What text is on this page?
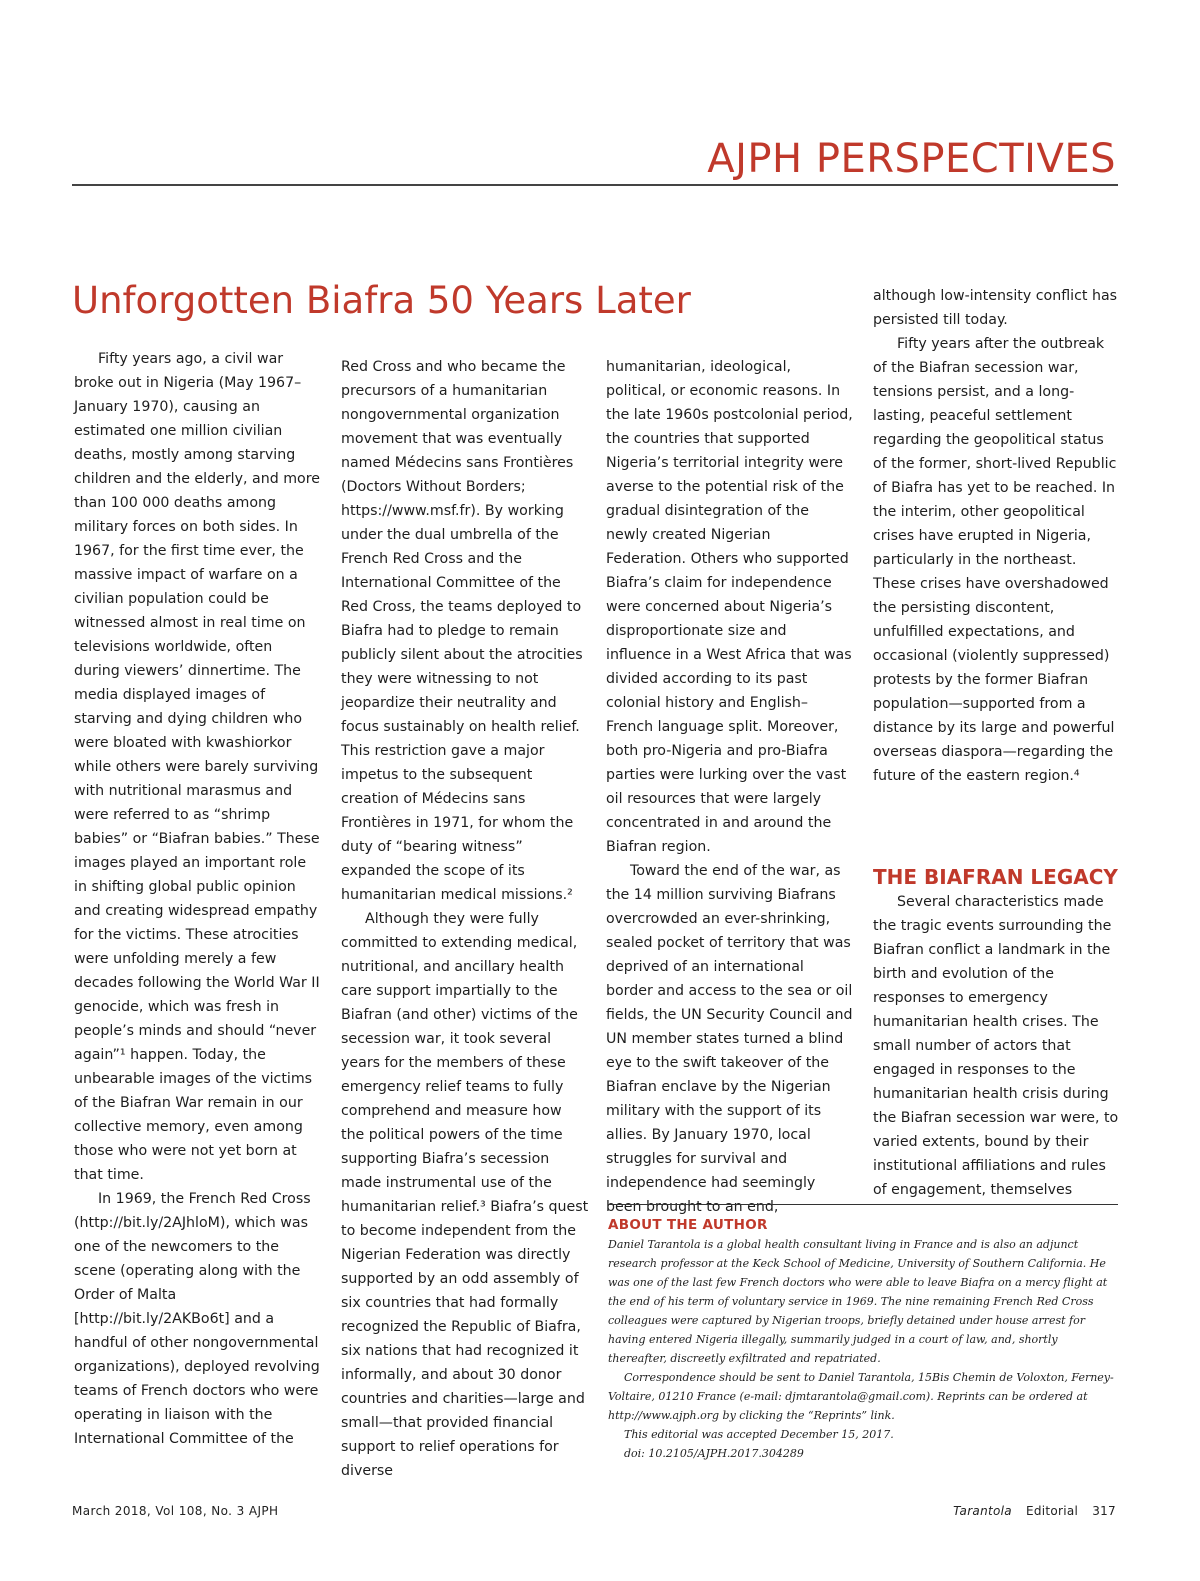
AJPH PERSPECTIVES
Unforgotten Biafra 50 Years Later

Fifty years ago, a civil war broke out in Nigeria (May 1967–January 1970), causing an estimated one million civilian deaths, mostly among starving children and the elderly, and more than 100 000 deaths among military forces on both sides. In 1967, for the first time ever, the massive impact of warfare on a civilian population could be witnessed almost in real time on televisions worldwide, often during viewers’ dinnertime. The media displayed images of starving and dying children who were bloated with kwashiorkor while others were barely surviving with nutritional marasmus and were referred to as “shrimp babies” or “Biafran babies.” These images played an important role in shifting global public opinion and creating widespread empathy for the victims. These atrocities were unfolding merely a few decades following the World War II genocide, which was fresh in people’s minds and should “never again”¹ happen. Today, the unbearable images of the victims of the Biafran War remain in our collective memory, even among those who were not yet born at that time.

In 1969, the French Red Cross (http://bit.ly/2AJhloM), which was one of the newcomers to the scene (operating along with the Order of Malta [http://bit.ly/2AKBo6t] and a handful of other nongovernmental organizations), deployed revolving teams of French doctors who were operating in liaison with the International Committee of the

Red Cross and who became the precursors of a humanitarian nongovernmental organization movement that was eventually named Médecins sans Frontières (Doctors Without Borders; https://www.msf.fr). By working under the dual umbrella of the French Red Cross and the International Committee of the Red Cross, the teams deployed to Biafra had to pledge to remain publicly silent about the atrocities they were witnessing to not jeopardize their neutrality and focus sustainably on health relief. This restriction gave a major impetus to the subsequent creation of Médecins sans Frontières in 1971, for whom the duty of “bearing witness” expanded the scope of its humanitarian medical missions.²

Although they were fully committed to extending medical, nutritional, and ancillary health care support impartially to the Biafran (and other) victims of the secession war, it took several years for the members of these emergency relief teams to fully comprehend and measure how the political powers of the time supporting Biafra’s secession made instrumental use of the humanitarian relief.³ Biafra’s quest to become independent from the Nigerian Federation was directly supported by an odd assembly of six countries that had formally recognized the Republic of Biafra, six nations that had recognized it informally, and about 30 donor countries and charities—large and small—that provided financial support to relief operations for diverse

humanitarian, ideological, political, or economic reasons. In the late 1960s postcolonial period, the countries that supported Nigeria’s territorial integrity were averse to the potential risk of the gradual disintegration of the newly created Nigerian Federation. Others who supported Biafra’s claim for independence were concerned about Nigeria’s disproportionate size and influence in a West Africa that was divided according to its past colonial history and English–French language split. Moreover, both pro-Nigeria and pro-Biafra parties were lurking over the vast oil resources that were largely concentrated in and around the Biafran region.

Toward the end of the war, as the 14 million surviving Biafrans overcrowded an ever-shrinking, sealed pocket of territory that was deprived of an international border and access to the sea or oil fields, the UN Security Council and UN member states turned a blind eye to the swift takeover of the Biafran enclave by the Nigerian military with the support of its allies. By January 1970, local struggles for survival and independence had seemingly been brought to an end,

although low-intensity conflict has persisted till today.

Fifty years after the outbreak of the Biafran secession war, tensions persist, and a long-lasting, peaceful settlement regarding the geopolitical status of the former, short-lived Republic of Biafra has yet to be reached. In the interim, other geopolitical crises have erupted in Nigeria, particularly in the northeast. These crises have overshadowed the persisting discontent, unfulfilled expectations, and occasional (violently suppressed) protests by the former Biafran population—supported from a distance by its large and powerful overseas diaspora—regarding the future of the eastern region.⁴

THE BIAFRAN LEGACY

Several characteristics made the tragic events surrounding the Biafran conflict a landmark in the birth and evolution of the responses to emergency humanitarian health crises. The small number of actors that engaged in responses to the humanitarian health crisis during the Biafran secession war were, to varied extents, bound by their institutional affiliations and rules of engagement, themselves

ABOUT THE AUTHOR

Daniel Tarantola is a global health consultant living in France and is also an adjunct research professor at the Keck School of Medicine, University of Southern California. He was one of the last few French doctors who were able to leave Biafra on a mercy flight at the end of his term of voluntary service in 1969. The nine remaining French Red Cross colleagues were captured by Nigerian troops, briefly detained under house arrest for having entered Nigeria illegally, summarily judged in a court of law, and, shortly thereafter, discreetly exfiltrated and repatriated.

Correspondence should be sent to Daniel Tarantola, 15Bis Chemin de Voloxton, Ferney-Voltaire, 01210 France (e-mail: djmtarantola@gmail.com). Reprints can be ordered at http://www.ajph.org by clicking the “Reprints” link.

This editorial was accepted December 15, 2017.

doi: 10.2105/AJPH.2017.304289

March 2018, Vol 108, No. 3 AJPH	Tarantola Editorial 317
